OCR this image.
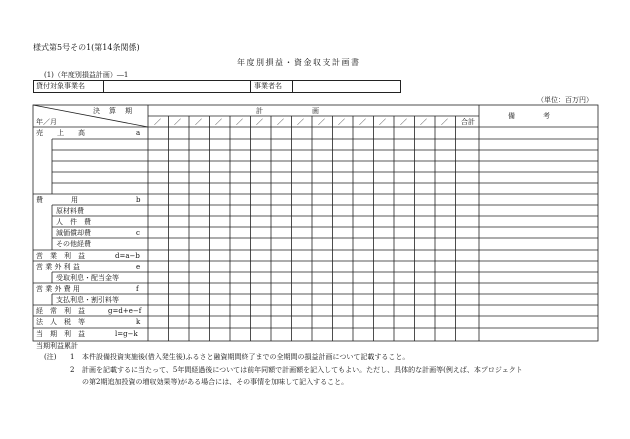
様式第5号その1(第14条関係)
年度別損益・資金収支計画書
(1)（年度別損益計画）―1
貸付対象事業名	事業者名
（単位：百万円）
決　算　期
年／月
計　　　　　　　画
合計
備　　　　考
／ ／ ／ ／ ／ ／ ／ ／ ／ ／ ／ ／ ／ ／ ／
売　　上　　高	a
費　　　　用	b
原材料費
人　件　費
減価償却費	c
その他経費
営　業　利　益	d=a−b
営 業 外 利 益	e
受取利息・配当金等
営 業 外 費 用	f
支払利息・割引料等
経　常　利　益	g=d+e−f
法　人　税　等	k
当　期　利　益	l=g−k
当期利益累計
(注) 1 本件設備投資実施後(借入発生後)ふるさと融資期間終了までの全期間の損益計画について記載すること。
2 計画を記載するに当たって、5年間経過後については前年同額で計画額を記入してもよい。ただし、具体的な計画等(例えば、本プロジェクト
の第2期追加投資の増収効果等)がある場合には、その事情を加味して記入すること。
